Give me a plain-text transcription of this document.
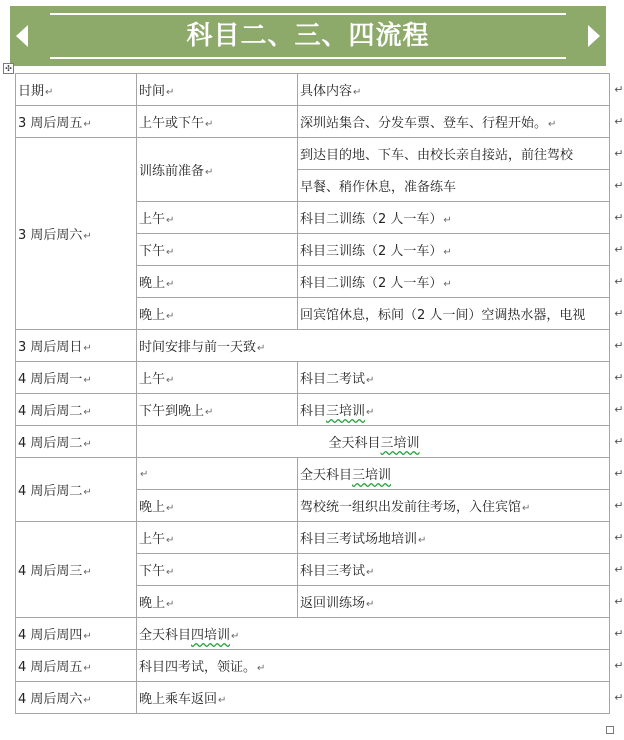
科目二、三、四流程
✣
日期↵	时间↵	具体内容↵	↵
3 周后周五↵	上午或下午↵	深圳站集合、分发车票、登车、行程开始。↵	↵
3 周后周六↵	训练前准备↵	到达目的地、下车、由校长亲自接站，前往驾校	↵
		早餐、稍作休息，准备练车	↵
	上午↵	科目二训练（2 人一车）↵	↵
	下午↵	科目三训练（2 人一车）↵	↵
	晚上↵	科目二训练（2 人一车）↵	↵
	晚上↵	回宾馆休息，标间（2 人一间）空调热水器，电视	↵
3 周后周日↵	时间安排与前一天致↵		↵
4 周后周一↵	上午↵	科目二考试↵	↵
4 周后周二↵	下午到晚上↵	科目三培训↵	↵
4 周后周二↵	全天科目三培训		↵
4 周后周二↵	↵	全天科目三培训	↵
	晚上↵	驾校统一组织出发前往考场，入住宾馆↵	↵
4 周后周三↵	上午↵	科目三考试场地培训↵	↵
	下午↵	科目三考试↵	↵
	晚上↵	返回训练场↵	↵
4 周后周四↵	全天科目四培训↵		↵
4 周后周五↵	科目四考试，领证。↵		↵
4 周后周六↵	晚上乘车返回↵		↵
